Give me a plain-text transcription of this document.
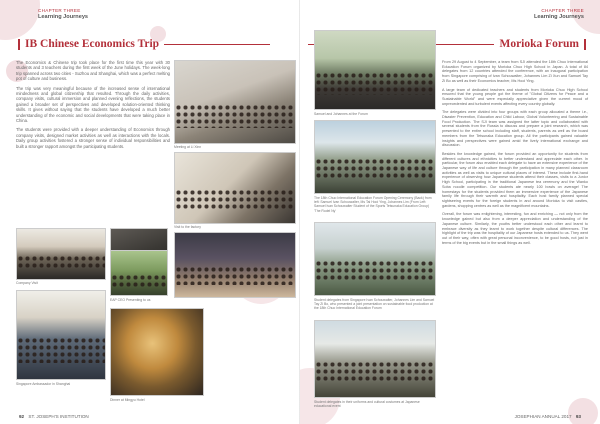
CHAPTER THREE
Learning Journeys
IB Chinese Economics Trip

The Economics & Chinese trip took place for the first time this year with 30 students and 3 teachers during the first week of the June holidays. The week-long trip spanned across two cities - Suzhou and Shanghai, which was a perfect melting pot of culture and business.

The trip was very meaningful because of the increased sense of international mindedness and global citizenship that resulted. Through the daily activities, company visits, cultural immersion and planned evening reflections, the students gained a broader set of perspectives and developed solution-oriented thinking skills. It gives without saying that the students have developed a much better understanding of the economic and social developments that were taking place in China.

The students were provided with a deeper understanding of Economics through company visits, designed market activities as well as interactions with the locals. Daily group activities fostered a stronger sense of individual responsibilities and built a stronger rapport amongst the participating students.	Meeting at Li Xinn
Visit to the factory
Company Visit
EAP CEO Presenting to us
Singapore Ambassador in Shanghai
Dinner at Mingyu Hotel
92 ST. JOSEPH'S INSTITUTION
CHAPTER THREE
Learning Journeys
Morioka Forum
Samuel and Johannes at the Forum
The 18th Chuo International Education Forum Opening Ceremony (Back) from left: Samuel Ivan Schouwalter, Ms Tai Hooi Ying, Johannes Lim (From Left: Samuel Ivan Schouwalter Student of the Sports Tetsunaka Education Group) 'The Rodel Ny'
Student delegates from Singapore Ivan Schouwalter, Johannes Lim and Samuel Tay Zi Bo, who presented a joint presentation on sustainable food production at the 18th Chuo International Education Forum
Student delegates in their uniforms and cultural costumes at Japanese educational event

From 29 August to 4 September, a team from SJI attended the 18th Chuo International Education Forum organized by Morioka Chuo High School in Japan. A total of 84 delegates from 12 countries attended the conference, with an inaugural participation from Singapore comprising of Ivan Schouwalter, Johannes Lim Zi Xun and Samuel Tay Zi Bo as well as their Economics teacher, Ms Hooi Ying.

A large team of dedicated teachers and students from Morioka Chuo High School ensured that the young people got the theme of "Global Citizens for Peace and a Sustainable World" and were especially appreciative given the current mood of unprecedented and turbulent events affecting every country globally.

The delegates were divided into four groups with each group allocated a theme i.e., Disaster Prevention, Education and Child Labour, Global Volunteering and Sustainable Food Production. The SJI team was assigned the latter topic and collaborated with several students from the Russia to discuss and prepare a joint research, which was presented to the entire school including staff, students, parents as well as the board members from the Tetsunaka Education group. All the participants gained valuable insights and perspectives were gained amid the lively international exchange and discussion.

Besides the knowledge gained, the forum provided an opportunity for students from different cultures and ethnicities to better understand and appreciate each other. In particular, the forum also enabled each delegate to have an extensive experience of the Japanese way of life and culture through the participation in many planned classroom activities as well as visits to unique cultural places of interest. These include first-hand experience of observing how Japanese students attend their classes, visits to a Junior High School, participating in the traditional Japanese tea ceremony and the Wanko Soba noodle competition. Our students ate nearly 100 bowls on average! The homestays for the students provided them an immersive experience of the Japanese family life through their warmth and hospitality. Each host family planned special sightseeing events for the foreign students in and around Morioka to visit castles, gardens, shopping centres as well as the magnificent mountains.

Overall, the forum was enlightening, interesting, fun and enriching — not only from the knowledge gained but also from a deeper appreciation and understanding of the Japanese culture. Similarly, the youths better understood each other and learnt to embrace diversity as they learnt to work together despite cultural differences. The highlight of the trip was the hospitality of our Japanese hosts extended to us. They went out of their way, often with great personal inconvenience, to be good hosts, not just in terms of the big events but in the small things as well.

JOSEPHIAN ANNUAL 2017 93
